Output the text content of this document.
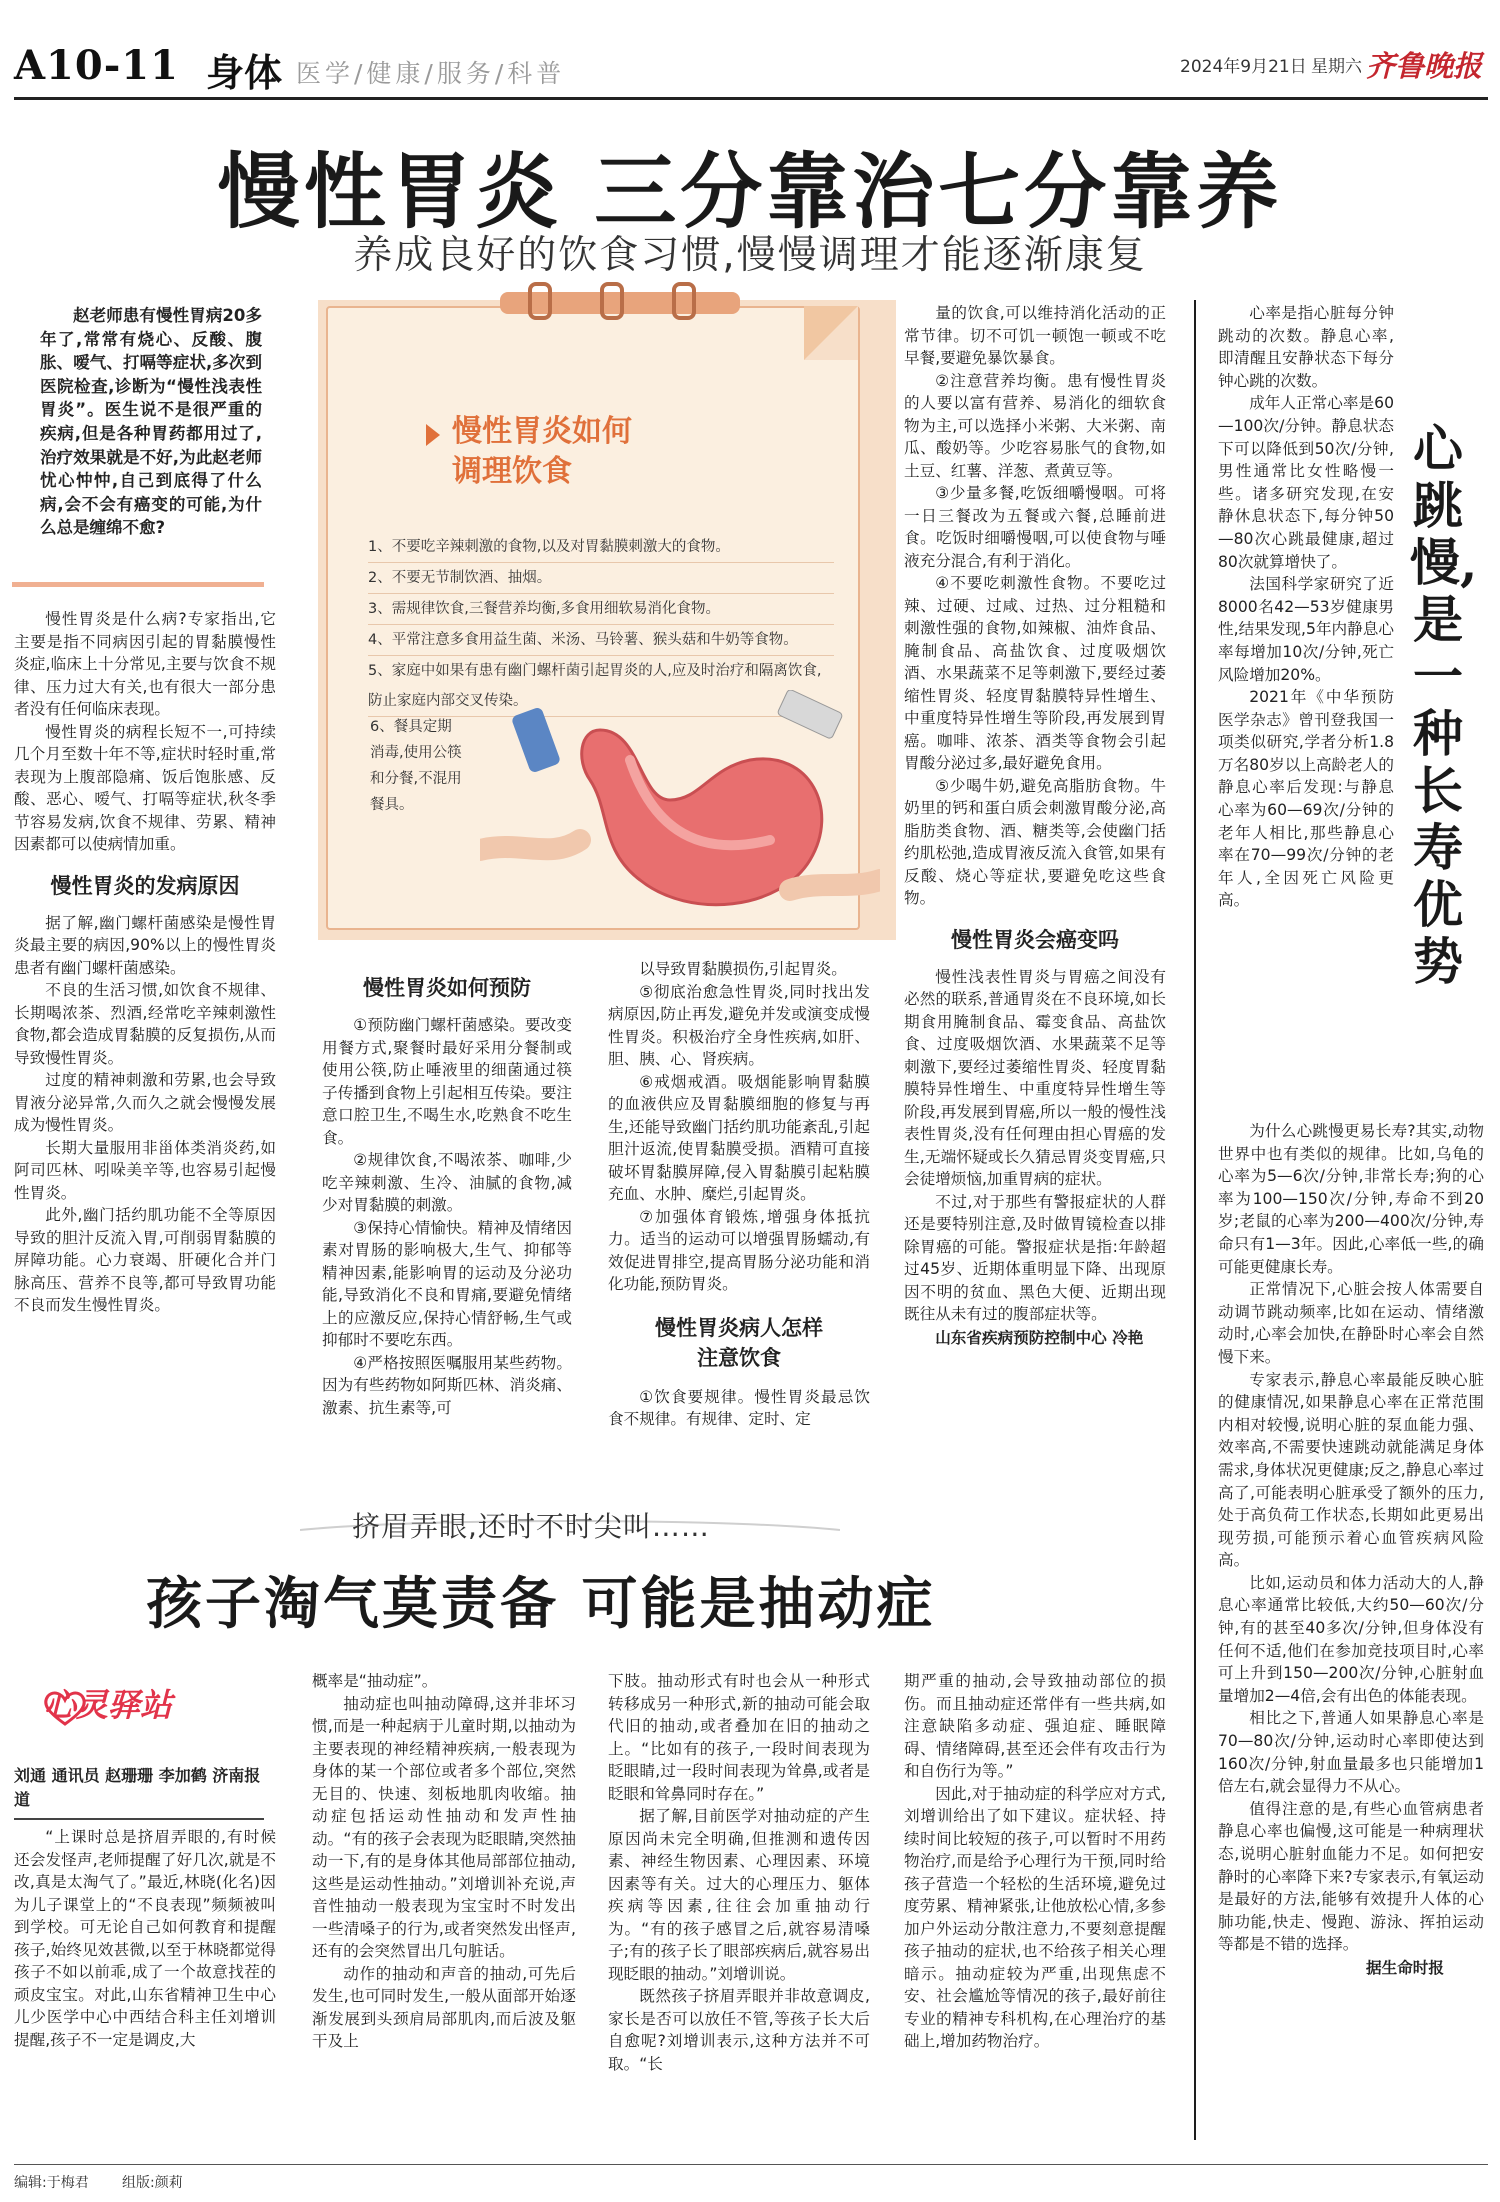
A10-11 身体 医学/健康/服务/科普	2024年9月21日 星期六 齐鲁晚报
慢性胃炎 三分靠治七分靠养
养成良好的饮食习惯,慢慢调理才能逐渐康复
赵老师患有慢性胃病20多年了,常常有烧心、反酸、腹胀、嗳气、打嗝等症状,多次到医院检查,诊断为“慢性浅表性胃炎”。医生说不是很严重的疾病,但是各种胃药都用过了,治疗效果就是不好,为此赵老师忧心忡忡,自己到底得了什么病,会不会有癌变的可能,为什么总是缠绵不愈?

慢性胃炎是什么病?专家指出,它主要是指不同病因引起的胃黏膜慢性炎症,临床上十分常见,主要与饮食不规律、压力过大有关,也有很大一部分患者没有任何临床表现。

慢性胃炎的病程长短不一,可持续几个月至数十年不等,症状时轻时重,常表现为上腹部隐痛、饭后饱胀感、反酸、恶心、嗳气、打嗝等症状,秋冬季节容易发病,饮食不规律、劳累、精神因素都可以使病情加重。

慢性胃炎的发病原因

据了解,幽门螺杆菌感染是慢性胃炎最主要的病因,90%以上的慢性胃炎患者有幽门螺杆菌感染。

不良的生活习惯,如饮食不规律、长期喝浓茶、烈酒,经常吃辛辣刺激性食物,都会造成胃黏膜的反复损伤,从而导致慢性胃炎。

过度的精神刺激和劳累,也会导致胃液分泌异常,久而久之就会慢慢发展成为慢性胃炎。

长期大量服用非甾体类消炎药,如阿司匹林、吲哚美辛等,也容易引起慢性胃炎。

此外,幽门括约肌功能不全等原因导致的胆汁反流入胃,可削弱胃黏膜的屏障功能。心力衰竭、肝硬化合并门脉高压、营养不良等,都可导致胃功能不良而发生慢性胃炎。

慢性胃炎如何
调理饮食
1、不要吃辛辣刺激的食物,以及对胃黏膜刺激大的食物。
2、不要无节制饮酒、抽烟。
3、需规律饮食,三餐营养均衡,多食用细软易消化食物。
4、平常注意多食用益生菌、米汤、马铃薯、猴头菇和牛奶等食物。
5、家庭中如果有患有幽门螺杆菌引起胃炎的人,应及时治疗和隔离饮食,防止家庭内部交叉传染。
6、餐具定期消毒,使用公筷和分餐,不混用餐具。
慢性胃炎如何预防

①预防幽门螺杆菌感染。要改变用餐方式,聚餐时最好采用分餐制或使用公筷,防止唾液里的细菌通过筷子传播到食物上引起相互传染。要注意口腔卫生,不喝生水,吃熟食不吃生食。

②规律饮食,不喝浓茶、咖啡,少吃辛辣刺激、生冷、油腻的食物,减少对胃黏膜的刺激。

③保持心情愉快。精神及情绪因素对胃肠的影响极大,生气、抑郁等精神因素,能影响胃的运动及分泌功能,导致消化不良和胃痛,要避免情绪上的应激反应,保持心情舒畅,生气或抑郁时不要吃东西。

④严格按照医嘱服用某些药物。因为有些药物如阿斯匹林、消炎痛、激素、抗生素等,可

以导致胃黏膜损伤,引起胃炎。

⑤彻底治愈急性胃炎,同时找出发病原因,防止再发,避免并发或演变成慢性胃炎。积极治疗全身性疾病,如肝、胆、胰、心、肾疾病。

⑥戒烟戒酒。吸烟能影响胃黏膜的血液供应及胃黏膜细胞的修复与再生,还能导致幽门括约肌功能紊乱,引起胆汁返流,使胃黏膜受损。酒精可直接破坏胃黏膜屏障,侵入胃黏膜引起粘膜充血、水肿、糜烂,引起胃炎。

⑦加强体育锻炼,增强身体抵抗力。适当的运动可以增强胃肠蠕动,有效促进胃排空,提高胃肠分泌功能和消化功能,预防胃炎。

慢性胃炎病人怎样注意饮食

①饮食要规律。慢性胃炎最忌饮食不规律。有规律、定时、定

量的饮食,可以维持消化活动的正常节律。切不可饥一顿饱一顿或不吃早餐,要避免暴饮暴食。

②注意营养均衡。患有慢性胃炎的人要以富有营养、易消化的细软食物为主,可以选择小米粥、大米粥、南瓜、酸奶等。少吃容易胀气的食物,如土豆、红薯、洋葱、煮黄豆等。

③少量多餐,吃饭细嚼慢咽。可将一日三餐改为五餐或六餐,总睡前进食。吃饭时细嚼慢咽,可以使食物与唾液充分混合,有利于消化。

④不要吃刺激性食物。不要吃过辣、过硬、过咸、过热、过分粗糙和刺激性强的食物,如辣椒、油炸食品、腌制食品、高盐饮食、过度吸烟饮酒、水果蔬菜不足等刺激下,要经过萎缩性胃炎、轻度胃黏膜特异性增生、中重度特异性增生等阶段,再发展到胃癌。咖啡、浓茶、酒类等食物会引起胃酸分泌过多,最好避免食用。

⑤少喝牛奶,避免高脂肪食物。牛奶里的钙和蛋白质会刺激胃酸分泌,高脂肪类食物、酒、糖类等,会使幽门括约肌松弛,造成胃液反流入食管,如果有反酸、烧心等症状,要避免吃这些食物。

慢性胃炎会癌变吗

慢性浅表性胃炎与胃癌之间没有必然的联系,普通胃炎在不良环境,如长期食用腌制食品、霉变食品、高盐饮食、过度吸烟饮酒、水果蔬菜不足等刺激下,要经过萎缩性胃炎、轻度胃黏膜特异性增生、中重度特异性增生等阶段,再发展到胃癌,所以一般的慢性浅表性胃炎,没有任何理由担心胃癌的发生,无端怀疑或长久猜忌胃炎变胃癌,只会徒增烦恼,加重胃病的症状。

不过,对于那些有警报症状的人群还是要特别注意,及时做胃镜检查以排除胃癌的可能。警报症状是指:年龄超过45岁、近期体重明显下降、出现原因不明的贫血、黑色大便、近期出现既往从未有过的腹部症状等。

山东省疾病预防控制中心 冷艳

心跳慢,是一种长寿优势

心率是指心脏每分钟跳动的次数。静息心率,即清醒且安静状态下每分钟心跳的次数。

成年人正常心率是60—100次/分钟。静息状态下可以降低到50次/分钟,男性通常比女性略慢一些。诸多研究发现,在安静休息状态下,每分钟50—80次心跳最健康,超过80次就算增快了。

法国科学家研究了近8000名42—53岁健康男性,结果发现,5年内静息心率每增加10次/分钟,死亡风险增加20%。

2021年《中华预防医学杂志》曾刊登我国一项类似研究,学者分析1.8万名80岁以上高龄老人的静息心率后发现:与静息心率为60—69次/分钟的老年人相比,那些静息心率在70—99次/分钟的老年人,全因死亡风险更高。

为什么心跳慢更易长寿?其实,动物世界中也有类似的规律。比如,乌龟的心率为5—6次/分钟,非常长寿;狗的心率为100—150次/分钟,寿命不到20岁;老鼠的心率为200—400次/分钟,寿命只有1—3年。因此,心率低一些,的确可能更健康长寿。

正常情况下,心脏会按人体需要自动调节跳动频率,比如在运动、情绪激动时,心率会加快,在静卧时心率会自然慢下来。

专家表示,静息心率最能反映心脏的健康情况,如果静息心率在正常范围内相对较慢,说明心脏的泵血能力强、效率高,不需要快速跳动就能满足身体需求,身体状况更健康;反之,静息心率过高了,可能表明心脏承受了额外的压力,处于高负荷工作状态,长期如此更易出现劳损,可能预示着心血管疾病风险高。

比如,运动员和体力活动大的人,静息心率通常比较低,大约50—60次/分钟,有的甚至40多次/分钟,但身体没有任何不适,他们在参加竞技项目时,心率可上升到150—200次/分钟,心脏射血量增加2—4倍,会有出色的体能表现。

相比之下,普通人如果静息心率是70—80次/分钟,运动时心率即使达到160次/分钟,射血量最多也只能增加1倍左右,就会显得力不从心。

值得注意的是,有些心血管病患者静息心率也偏慢,这可能是一种病理状态,说明心脏射血能力不足。如何把安静时的心率降下来?专家表示,有氧运动是最好的方法,能够有效提升人体的心肺功能,快走、慢跑、游泳、挥拍运动等都是不错的选择。

据生命时报

挤眉弄眼,还时不时尖叫……
孩子淘气莫责备 可能是抽动症
心灵驿站
刘通 通讯员 赵珊珊 李加鹤 济南报道

“上课时总是挤眉弄眼的,有时候还会发怪声,老师提醒了好几次,就是不改,真是太淘气了。”最近,林晓(化名)因为儿子课堂上的“不良表现”频频被叫到学校。可无论自己如何教育和提醒孩子,始终见效甚微,以至于林晓都觉得孩子不如以前乖,成了一个故意找茬的顽皮宝宝。对此,山东省精神卫生中心儿少医学中心中西结合科主任刘增训提醒,孩子不一定是调皮,大

概率是“抽动症”。

抽动症也叫抽动障碍,这并非坏习惯,而是一种起病于儿童时期,以抽动为主要表现的神经精神疾病,一般表现为身体的某一个部位或者多个部位,突然无目的、快速、刻板地肌肉收缩。抽动症包括运动性抽动和发声性抽动。“有的孩子会表现为眨眼睛,突然抽动一下,有的是身体其他局部部位抽动,这些是运动性抽动。”刘增训补充说,声音性抽动一般表现为宝宝时不时发出一些清嗓子的行为,或者突然发出怪声,还有的会突然冒出几句脏话。

动作的抽动和声音的抽动,可先后发生,也可同时发生,一般从面部开始逐渐发展到头颈肩局部肌肉,而后波及躯干及上

下肢。抽动形式有时也会从一种形式转移成另一种形式,新的抽动可能会取代旧的抽动,或者叠加在旧的抽动之上。“比如有的孩子,一段时间表现为眨眼睛,过一段时间表现为耸鼻,或者是眨眼和耸鼻同时存在。”

据了解,目前医学对抽动症的产生原因尚未完全明确,但推测和遗传因素、神经生物因素、心理因素、环境因素等有关。过大的心理压力、躯体疾病等因素,往往会加重抽动行为。“有的孩子感冒之后,就容易清嗓子;有的孩子长了眼部疾病后,就容易出现眨眼的抽动。”刘增训说。

既然孩子挤眉弄眼并非故意调皮,家长是否可以放任不管,等孩子长大后自愈呢?刘增训表示,这种方法并不可取。“长

期严重的抽动,会导致抽动部位的损伤。而且抽动症还常伴有一些共病,如注意缺陷多动症、强迫症、睡眠障碍、情绪障碍,甚至还会伴有攻击行为和自伤行为等。”

因此,对于抽动症的科学应对方式,刘增训给出了如下建议。症状轻、持续时间比较短的孩子,可以暂时不用药物治疗,而是给予心理行为干预,同时给孩子营造一个轻松的生活环境,避免过度劳累、精神紧张,让他放松心情,多参加户外运动分散注意力,不要刻意提醒孩子抽动的症状,也不给孩子相关心理暗示。抽动症较为严重,出现焦虑不安、社会尴尬等情况的孩子,最好前往专业的精神专科机构,在心理治疗的基础上,增加药物治疗。

编辑:于梅君 组版:颜莉
